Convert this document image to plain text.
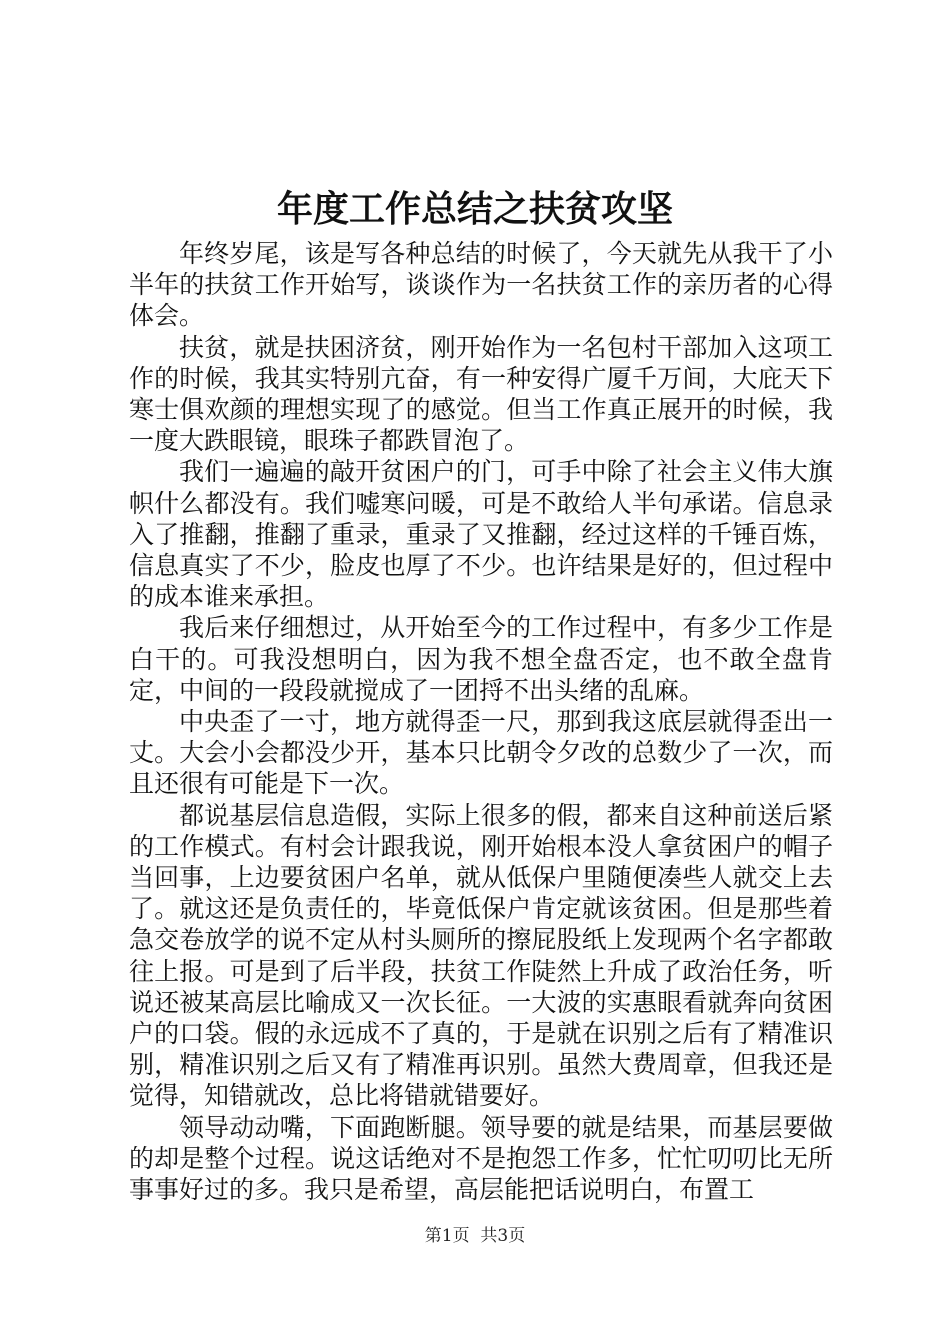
年度工作总结之扶贫攻坚

年终岁尾，该是写各种总结的时候了，今天就先从我干了小半年的扶贫工作开始写，谈谈作为一名扶贫工作的亲历者的心得体会。

扶贫，就是扶困济贫，刚开始作为一名包村干部加入这项工作的时候，我其实特别亢奋，有一种安得广厦千万间，大庇天下寒士俱欢颜的理想实现了的感觉。但当工作真正展开的时候，我一度大跌眼镜，眼珠子都跌冒泡了。

我们一遍遍的敲开贫困户的门，可手中除了社会主义伟大旗帜什么都没有。我们嘘寒问暖，可是不敢给人半句承诺。信息录入了推翻，推翻了重录，重录了又推翻，经过这样的千锤百炼，信息真实了不少，脸皮也厚了不少。也许结果是好的，但过程中的成本谁来承担。

我后来仔细想过，从开始至今的工作过程中，有多少工作是白干的。可我没想明白，因为我不想全盘否定，也不敢全盘肯定，中间的一段段就搅成了一团捋不出头绪的乱麻。

中央歪了一寸，地方就得歪一尺，那到我这底层就得歪出一丈。大会小会都没少开，基本只比朝令夕改的总数少了一次，而且还很有可能是下一次。

都说基层信息造假，实际上很多的假，都来自这种前送后紧的工作模式。有村会计跟我说，刚开始根本没人拿贫困户的帽子当回事，上边要贫困户名单，就从低保户里随便凑些人就交上去了。就这还是负责任的，毕竟低保户肯定就该贫困。但是那些着急交卷放学的说不定从村头厕所的擦屁股纸上发现两个名字都敢往上报。可是到了后半段，扶贫工作陡然上升成了政治任务，听说还被某高层比喻成又一次长征。一大波的实惠眼看就奔向贫困户的口袋。假的永远成不了真的，于是就在识别之后有了精准识别，精准识别之后又有了精准再识别。虽然大费周章，但我还是觉得，知错就改，总比将错就错要好。

领导动动嘴，下面跑断腿。领导要的就是结果，而基层要做的却是整个过程。说这话绝对不是抱怨工作多，忙忙叨叨比无所事事好过的多。我只是希望，高层能把话说明白，布置工

第1页 共3页
